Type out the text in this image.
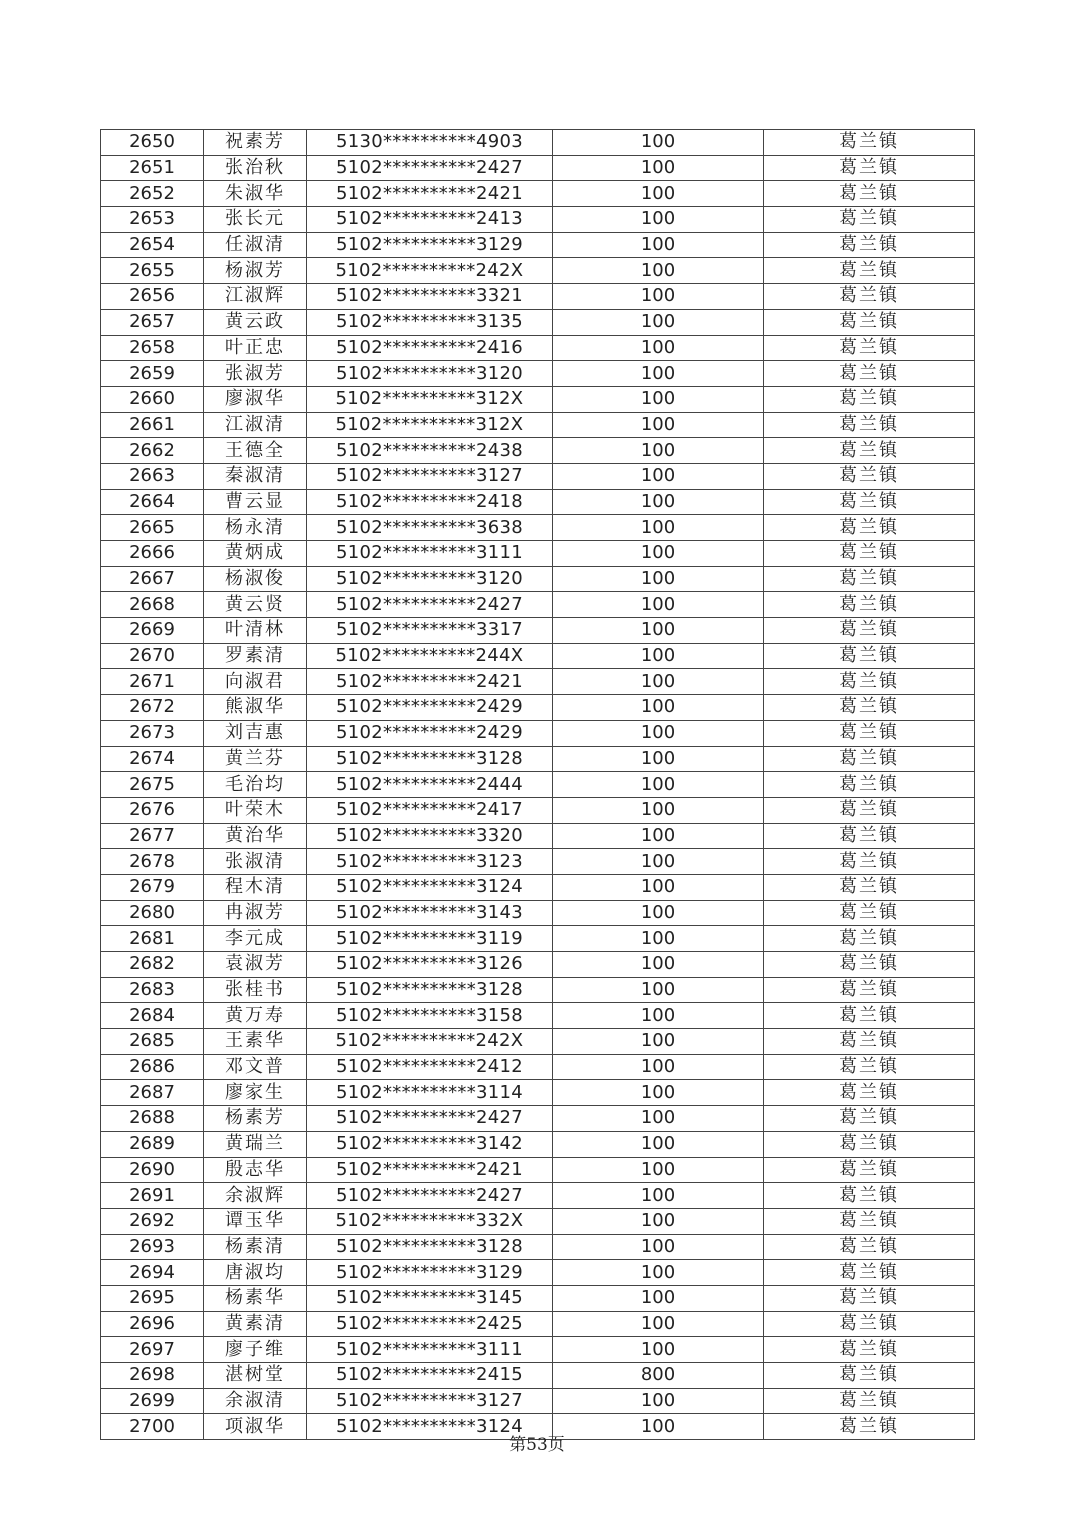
2650	祝素芳	5130**********4903	100	葛兰镇
2651	张治秋	5102**********2427	100	葛兰镇
2652	朱淑华	5102**********2421	100	葛兰镇
2653	张长元	5102**********2413	100	葛兰镇
2654	任淑清	5102**********3129	100	葛兰镇
2655	杨淑芳	5102**********242X	100	葛兰镇
2656	江淑辉	5102**********3321	100	葛兰镇
2657	黄云政	5102**********3135	100	葛兰镇
2658	叶正忠	5102**********2416	100	葛兰镇
2659	张淑芳	5102**********3120	100	葛兰镇
2660	廖淑华	5102**********312X	100	葛兰镇
2661	江淑清	5102**********312X	100	葛兰镇
2662	王德全	5102**********2438	100	葛兰镇
2663	秦淑清	5102**********3127	100	葛兰镇
2664	曹云显	5102**********2418	100	葛兰镇
2665	杨永清	5102**********3638	100	葛兰镇
2666	黄炳成	5102**********3111	100	葛兰镇
2667	杨淑俊	5102**********3120	100	葛兰镇
2668	黄云贤	5102**********2427	100	葛兰镇
2669	叶清林	5102**********3317	100	葛兰镇
2670	罗素清	5102**********244X	100	葛兰镇
2671	向淑君	5102**********2421	100	葛兰镇
2672	熊淑华	5102**********2429	100	葛兰镇
2673	刘吉惠	5102**********2429	100	葛兰镇
2674	黄兰芬	5102**********3128	100	葛兰镇
2675	毛治均	5102**********2444	100	葛兰镇
2676	叶荣木	5102**********2417	100	葛兰镇
2677	黄治华	5102**********3320	100	葛兰镇
2678	张淑清	5102**********3123	100	葛兰镇
2679	程木清	5102**********3124	100	葛兰镇
2680	冉淑芳	5102**********3143	100	葛兰镇
2681	李元成	5102**********3119	100	葛兰镇
2682	袁淑芳	5102**********3126	100	葛兰镇
2683	张桂书	5102**********3128	100	葛兰镇
2684	黄万寿	5102**********3158	100	葛兰镇
2685	王素华	5102**********242X	100	葛兰镇
2686	邓文普	5102**********2412	100	葛兰镇
2687	廖家生	5102**********3114	100	葛兰镇
2688	杨素芳	5102**********2427	100	葛兰镇
2689	黄瑞兰	5102**********3142	100	葛兰镇
2690	殷志华	5102**********2421	100	葛兰镇
2691	余淑辉	5102**********2427	100	葛兰镇
2692	谭玉华	5102**********332X	100	葛兰镇
2693	杨素清	5102**********3128	100	葛兰镇
2694	唐淑均	5102**********3129	100	葛兰镇
2695	杨素华	5102**********3145	100	葛兰镇
2696	黄素清	5102**********2425	100	葛兰镇
2697	廖子维	5102**********3111	100	葛兰镇
2698	湛树堂	5102**********2415	800	葛兰镇
2699	余淑清	5102**********3127	100	葛兰镇
2700	项淑华	5102**********3124	100	葛兰镇
第53页
